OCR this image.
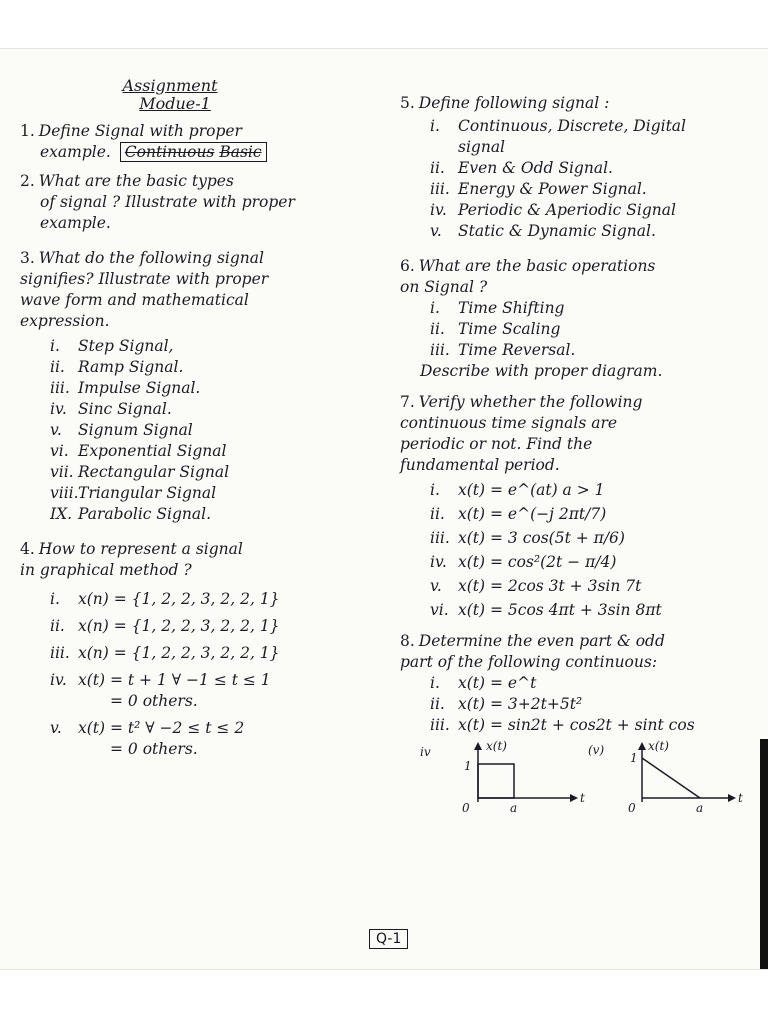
Assignment
Modue-1
1. Define Signal with proper
example. Continuous Basic
2. What are the basic types
of signal ? Illustrate with proper
example.
3. What do the following signal
signifies? Illustrate with proper
wave form and mathematical
expression.
i. Step Signal,
ii. Ramp Signal.
iii. Impulse Signal.
iv. Sinc Signal.
v. Signum Signal
vi. Exponential Signal
vii. Rectangular Signal
viii.Triangular Signal
IX. Parabolic Signal.
4. How to represent a signal
in graphical method ?
i. x(n) = {1, 2, 2, 3, 2, 2, 1}
ii. x(n) = {1, 2, 2, 3, 2, 2, 1}
iii. x(n) = {1, 2, 2, 3, 2, 2, 1}
iv. x(t) = t + 1 ∀ −1 ≤ t ≤ 1
= 0 others.
v. x(t) = t² ∀ −2 ≤ t ≤ 2
= 0 others.
5. Define following signal :
i. Continuous, Discrete, Digital
signal
ii. Even & Odd Signal.
iii. Energy & Power Signal.
iv. Periodic & Aperiodic Signal
v. Static & Dynamic Signal.
6. What are the basic operations
on Signal ?
i. Time Shifting
ii. Time Scaling
iii. Time Reversal.
Describe with proper diagram.
7. Verify whether the following
continuous time signals are
periodic or not. Find the
fundamental period.
i. x(t) = e^(at) a > 1
ii. x(t) = e^(−j 2πt/7)
iii. x(t) = 3 cos(5t + π/6)
iv. x(t) = cos²(2t − π/4)
v. x(t) = 2cos 3t + 3sin 7t
vi. x(t) = 5cos 4πt + 3sin 8πt
8. Determine the even part & odd
part of the following continuous:
i. x(t) = e^t
ii. x(t) = 3+2t+5t²
iii. x(t) = sin2t + cos2t + sint cos
iv	x(t)
1
0	a
t
(v)	x(t)
1
0	a
t
Q-1
